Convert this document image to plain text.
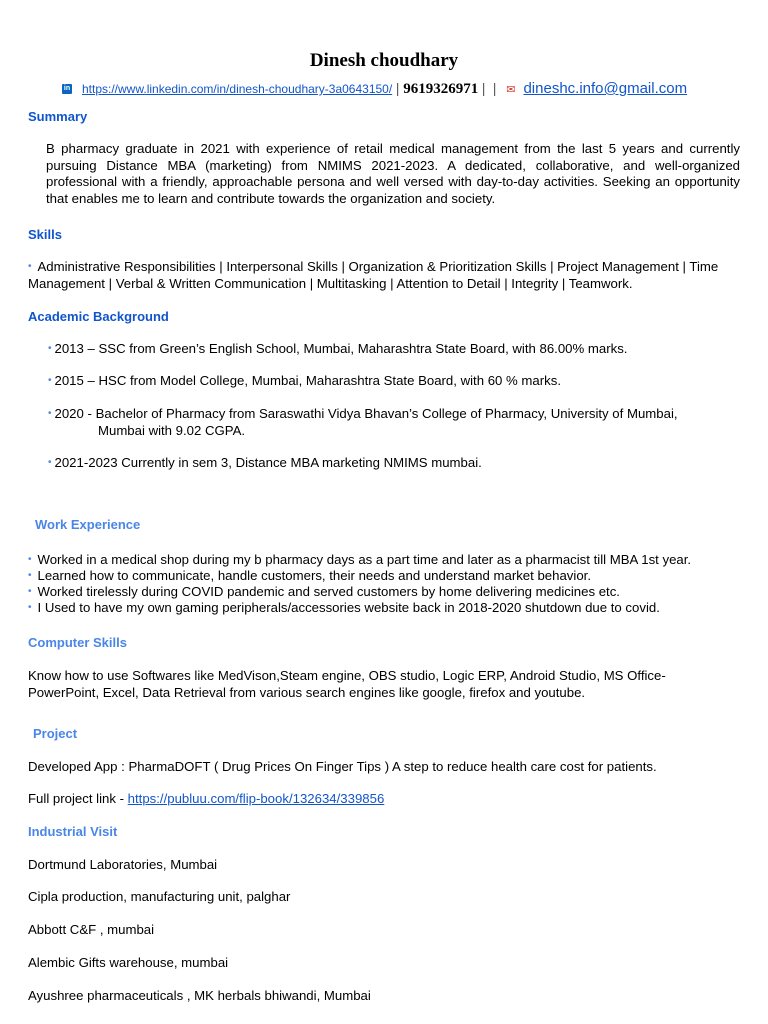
Dinesh choudhary
in https://www.linkedin.com/in/dinesh-choudhary-3a0643150/ | 9619326971 | | ✉ dineshc.info@gmail.com
Summary
B pharmacy graduate in 2021 with experience of retail medical management from the last 5 years and currently pursuing Distance MBA (marketing) from NMIMS 2021-2023. A dedicated, collaborative, and well-organized professional with a friendly, approachable persona and well versed with day-to-day activities. Seeking an opportunity that enables me to learn and contribute towards the organization and society.
Skills
• Administrative Responsibilities | Interpersonal Skills | Organization & Prioritization Skills | Project Management | Time Management | Verbal & Written Communication | Multitasking | Attention to Detail | Integrity | Teamwork.
Academic Background
• 2013 – SSC from Green’s English School, Mumbai, Maharashtra State Board, with 86.00% marks.
• 2015 – HSC from Model College, Mumbai, Maharashtra State Board, with 60 % marks.
• 2020 - Bachelor of Pharmacy from Saraswathi Vidya Bhavan’s College of Pharmacy, University of Mumbai,
Mumbai with 9.02 CGPA.
• 2021-2023 Currently in sem 3, Distance MBA marketing NMIMS mumbai.
Work Experience
• Worked in a medical shop during my b pharmacy days as a part time and later as a pharmacist till MBA 1st year.
• Learned how to communicate, handle customers, their needs and understand market behavior.
• Worked tirelessly during COVID pandemic and served customers by home delivering medicines etc.
• I Used to have my own gaming peripherals/accessories website back in 2018-2020 shutdown due to covid.
Computer Skills
Know how to use Softwares like MedVison,Steam engine, OBS studio, Logic ERP, Android Studio, MS Office-PowerPoint, Excel, Data Retrieval from various search engines like google, firefox and youtube.
Project
Developed App : PharmaDOFT ( Drug Prices On Finger Tips ) A step to reduce health care cost for patients.
Full project link - https://publuu.com/flip-book/132634/339856
Industrial Visit
Dortmund Laboratories, Mumbai
Cipla production, manufacturing unit, palghar
Abbott C&F , mumbai
Alembic Gifts warehouse, mumbai
Ayushree pharmaceuticals , MK herbals bhiwandi, Mumbai
